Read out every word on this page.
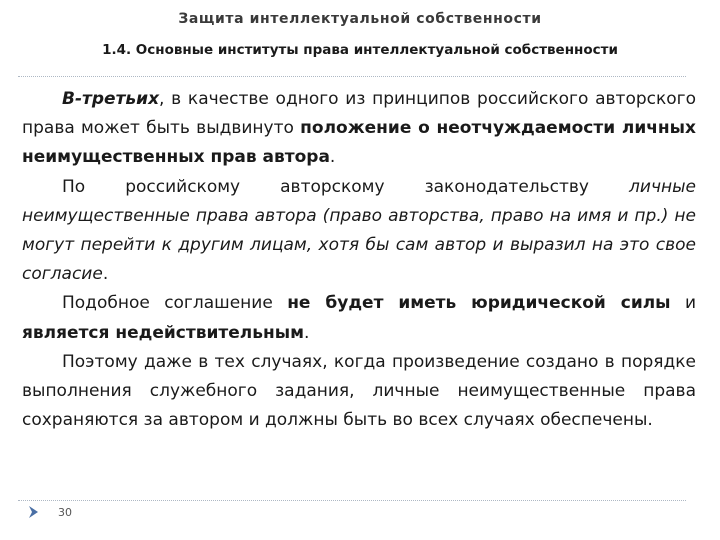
Защита интеллектуальной собственности
1.4. Основные институты права интеллектуальной собственности

В-третьих, в качестве одного из принципов российского авторского права может быть выдвинуто положение о неотчуждаемости личных неимущественных прав автора.

По российскому авторскому законодательству личные неимущественные права автора (право авторства, право на имя и пр.) не могут перейти к другим лицам, хотя бы сам автор и выразил на это свое согласие.

Подобное соглашение не будет иметь юридической силы и является недействительным.

Поэтому даже в тех случаях, когда произведение создано в порядке выполнения служебного задания, личные неимущественные права сохраняются за автором и должны быть во всех случаях обеспечены.

30
